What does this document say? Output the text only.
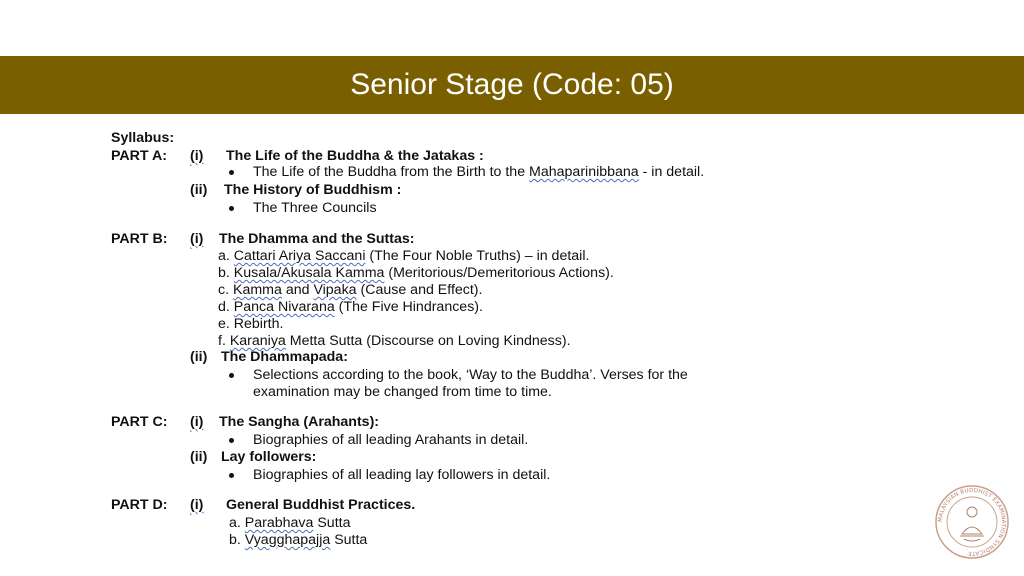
Senior Stage (Code: 05)
Syllabus:
PART A: (i) The Life of the Buddha & the Jatakas :
The Life of the Buddha from the Birth to the Mahaparinibbana - in detail.
(ii) The History of Buddhism :
The Three Councils
PART B: (i) The Dhamma and the Suttas:
a. Cattari Ariya Saccani (The Four Noble Truths) – in detail.
b. Kusala/Akusala Kamma (Meritorious/Demeritorious Actions).
c. Kamma and Vipaka (Cause and Effect).
d. Panca Nivarana (The Five Hindrances).
e. Rebirth.
f. Karaniya Metta Sutta (Discourse on Loving Kindness).
(ii) The Dhammapada:
Selections according to the book, ‘Way to the Buddha’. Verses for the
examination may be changed from time to time.
PART C: (i) The Sangha (Arahants):
Biographies of all leading Arahants in detail.
(ii) Lay followers:
Biographies of all leading lay followers in detail.
PART D: (i) General Buddhist Practices.
a. Parabhava Sutta
b. Vyagghapajja Sutta
MALAYSIAN BUDDHIST EXAMINATION SYNDICATE
